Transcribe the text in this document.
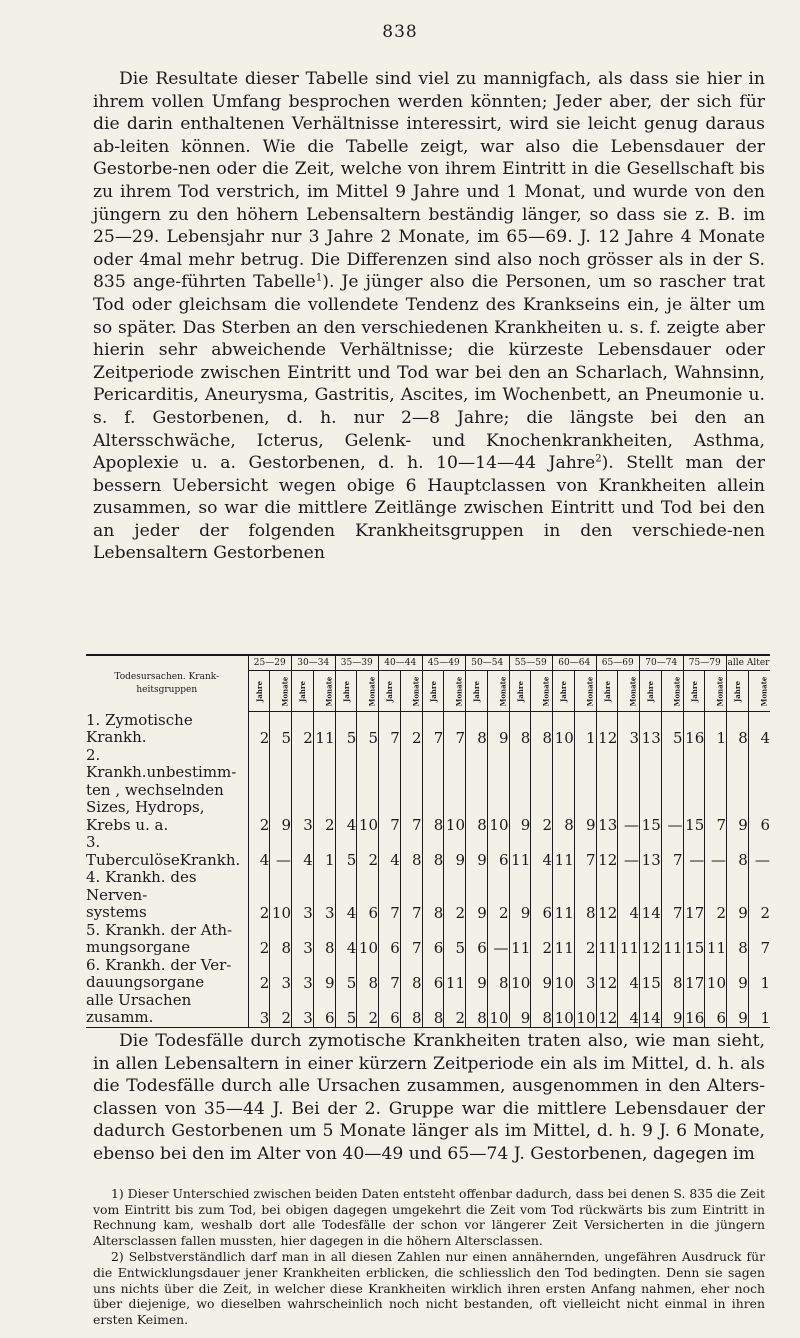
838

Die Resultate dieser Tabelle sind viel zu mannigfach, als dass sie hier in ihrem vollen Umfang besprochen werden könnten; Jeder aber, der sich für die darin enthaltenen Verhältnisse interessirt, wird sie leicht genug daraus ab-leiten können. Wie die Tabelle zeigt, war also die Lebensdauer der Gestorbe-nen oder die Zeit, welche von ihrem Eintritt in die Gesellschaft bis zu ihrem Tod verstrich, im Mittel 9 Jahre und 1 Monat, und wurde von den jüngern zu den höhern Lebensaltern beständig länger, so dass sie z. B. im 25—29. Lebensjahr nur 3 Jahre 2 Monate, im 65—69. J. 12 Jahre 4 Monate oder 4mal mehr betrug. Die Differenzen sind also noch grösser als in der S. 835 ange-führten Tabelle$^1$). Je jünger also die Personen, um so rascher trat Tod oder gleichsam die vollendete Tendenz des Krankseins ein, je älter um so später. Das Sterben an den verschiedenen Krankheiten u. s. f. zeigte aber hierin sehr abweichende Verhältnisse; die kürzeste Lebensdauer oder Zeitperiode zwischen Eintritt und Tod war bei den an Scharlach, Wahnsinn, Pericarditis, Aneurysma, Gastritis, Ascites, im Wochenbett, an Pneumonie u. s. f. Gestorbenen, d. h. nur 2—8 Jahre; die längste bei den an Altersschwäche, Icterus, Gelenk- und Knochenkrankheiten, Asthma, Apoplexie u. a. Gestorbenen, d. h. 10—14—44 Jahre$^2$). Stellt man der bessern Uebersicht wegen obige 6 Hauptclassen von Krankheiten allein zusammen, so war die mittlere Zeitlänge zwischen Eintritt und Tod bei den an jeder der folgenden Krankheitsgruppen in den verschiede-nen Lebensaltern Gestorbenen

Todesursachen. Krank-heitsgruppen	25—29		30—34		35—39		40—44		45—49		50—54		55—59		60—64		65—69		70—74		75—79		alle Alter	
	Jahre	Monate	Jahre	Monate	Jahre	Monate	Jahre	Monate	Jahre	Monate	Jahre	Monate	Jahre	Monate	Jahre	Monate	Jahre	Monate	Jahre	Monate	Jahre	Monate	Jahre	Monate
1. Zymotische Krankh.	2	5	2	11	5	5	7	2	7	7	8	9	8	8	10	1	12	3	13	5	16	1	8	4
2. Krankh.unbestimm-																								
ten , wechselnden																								
Sizes, Hydrops,																								
Krebs u. a.	2	9	3	2	4	10	7	7	8	10	8	10	9	2	8	9	13	—	15	—	15	7	9	6
3. TuberculöseKrankh.	4	—	4	1	5	2	4	8	8	9	9	6	11	4	11	7	12	—	13	7	—	—	8	—
4. Krankh. des Nerven-																								
systems	2	10	3	3	4	6	7	7	8	2	9	2	9	6	11	8	12	4	14	7	17	2	9	2
5. Krankh. der Ath-																								
mungsorgane	2	8	3	8	4	10	6	7	6	5	6	—	11	2	11	2	11	11	12	11	15	11	8	7
6. Krankh. der Ver-																								
dauungsorgane	2	3	3	9	5	8	7	8	6	11	9	8	10	9	10	3	12	4	15	8	17	10	9	1
alle Ursachen zusamm.	3	2	3	6	5	2	6	8	8	2	8	10	9	8	10	10	12	4	14	9	16	6	9	1

Die Todesfälle durch zymotische Krankheiten traten also, wie man sieht, in allen Lebensaltern in einer kürzern Zeitperiode ein als im Mittel, d. h. als die Todesfälle durch alle Ursachen zusammen, ausgenommen in den Alters-classen von 35—44 J. Bei der 2. Gruppe war die mittlere Lebensdauer der dadurch Gestorbenen um 5 Monate länger als im Mittel, d. h. 9 J. 6 Monate, ebenso bei den im Alter von 40—49 und 65—74 J. Gestorbenen, dagegen im

1) Dieser Unterschied zwischen beiden Daten entsteht offenbar dadurch, dass bei denen S. 835 die Zeit vom Eintritt bis zum Tod, bei obigen dagegen umgekehrt die Zeit vom Tod rückwärts bis zum Eintritt in Rechnung kam, weshalb dort alle Todesfälle der schon vor längerer Zeit Versicherten in die jüngern Altersclassen fallen mussten, hier dagegen in die höhern Altersclassen.

2) Selbstverständlich darf man in all diesen Zahlen nur einen annähernden, ungefähren Ausdruck für die Entwicklungsdauer jener Krankheiten erblicken, die schliesslich den Tod bedingten. Denn sie sagen uns nichts über die Zeit, in welcher diese Krankheiten wirklich ihren ersten Anfang nahmen, eher noch über diejenige, wo dieselben wahrscheinlich noch nicht bestanden, oft vielleicht nicht einmal in ihren ersten Keimen.
